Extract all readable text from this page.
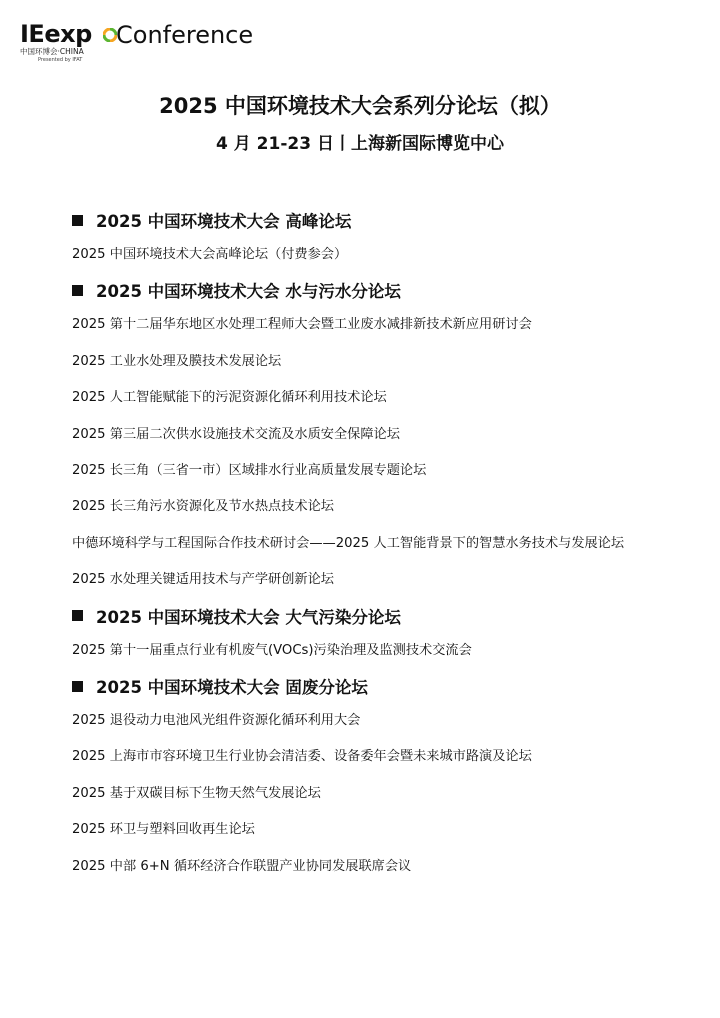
IEexp Conference
中国环博会·CHINA
Presented by IFAT
2025 中国环境技术大会系列分论坛（拟）
4 月 21-23 日丨上海新国际博览中心
2025 中国环境技术大会 高峰论坛
2025 中国环境技术大会高峰论坛（付费参会）
2025 中国环境技术大会 水与污水分论坛
2025 第十二届华东地区水处理工程师大会暨工业废水减排新技术新应用研讨会
2025 工业水处理及膜技术发展论坛
2025 人工智能赋能下的污泥资源化循环利用技术论坛
2025 第三届二次供水设施技术交流及水质安全保障论坛
2025 长三角（三省一市）区域排水行业高质量发展专题论坛
2025 长三角污水资源化及节水热点技术论坛
中德环境科学与工程国际合作技术研讨会——2025 人工智能背景下的智慧水务技术与发展论坛
2025 水处理关键适用技术与产学研创新论坛
2025 中国环境技术大会 大气污染分论坛
2025 第十一届重点行业有机废气(VOCs)污染治理及监测技术交流会
2025 中国环境技术大会 固废分论坛
2025 退役动力电池风光组件资源化循环利用大会
2025 上海市市容环境卫生行业协会清洁委、设备委年会暨未来城市路演及论坛
2025 基于双碳目标下生物天然气发展论坛
2025 环卫与塑料回收再生论坛
2025 中部 6+N 循环经济合作联盟产业协同发展联席会议
